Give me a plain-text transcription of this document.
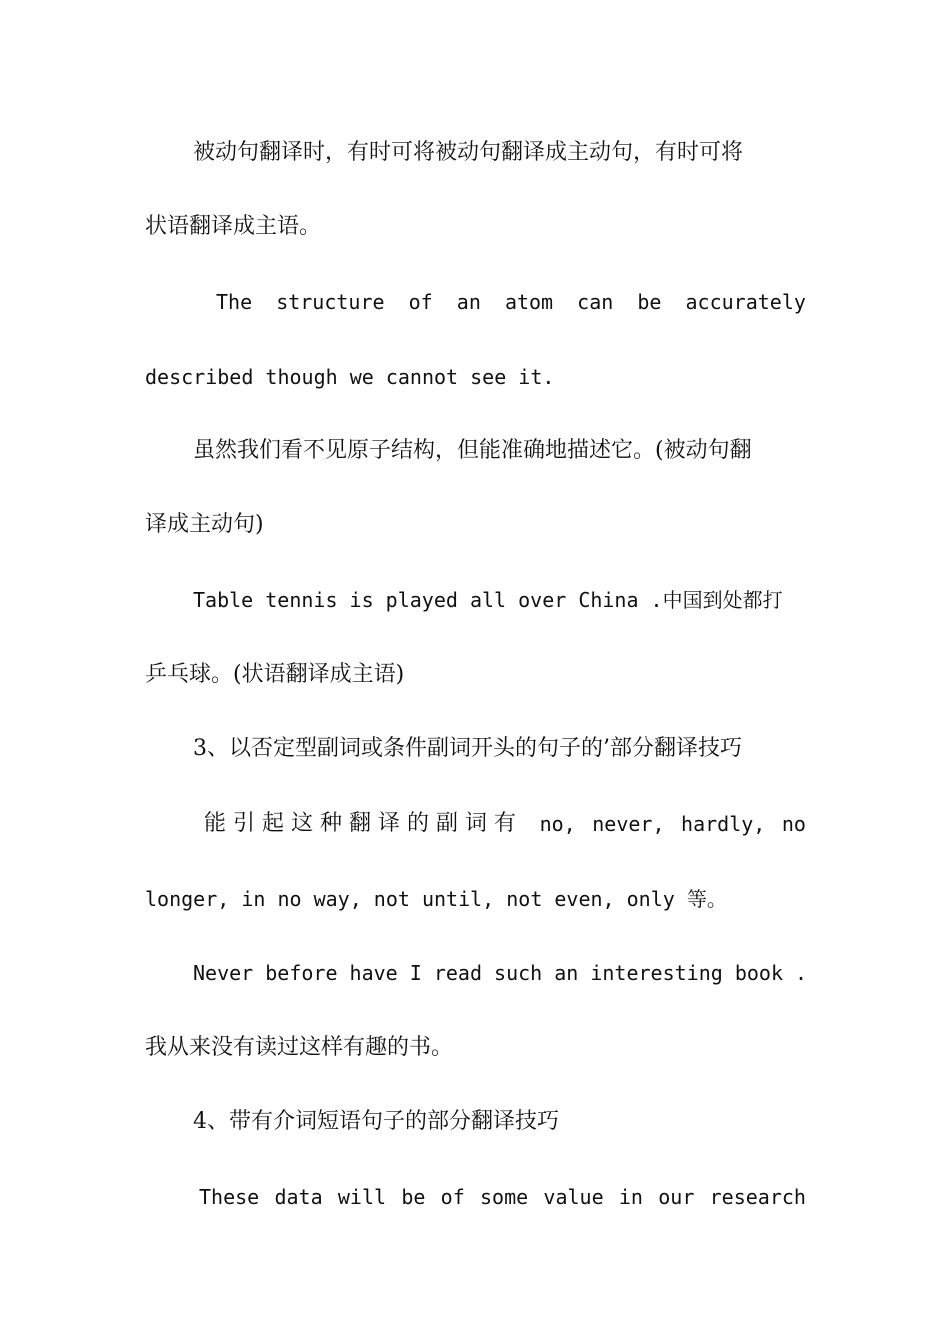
被动句翻译时，有时可将被动句翻译成主动句，有时可将
状语翻译成主语。
The structure of an atom can be accurately
described though we cannot see it.
虽然我们看不见原子结构，但能准确地描述它。(被动句翻
译成主动句)
Table tennis is played all over China .中国到处都打
乒乓球。(状语翻译成主语)
3、以否定型副词或条件副词开头的句子的’部分翻译技巧
能引起这种翻译的副词有 no, never, hardly, no
longer, in no way, not until, not even, only 等。
Never before have I read such an interesting book .
我从来没有读过这样有趣的书。
4、带有介词短语句子的部分翻译技巧
These data will be of some value in our research
